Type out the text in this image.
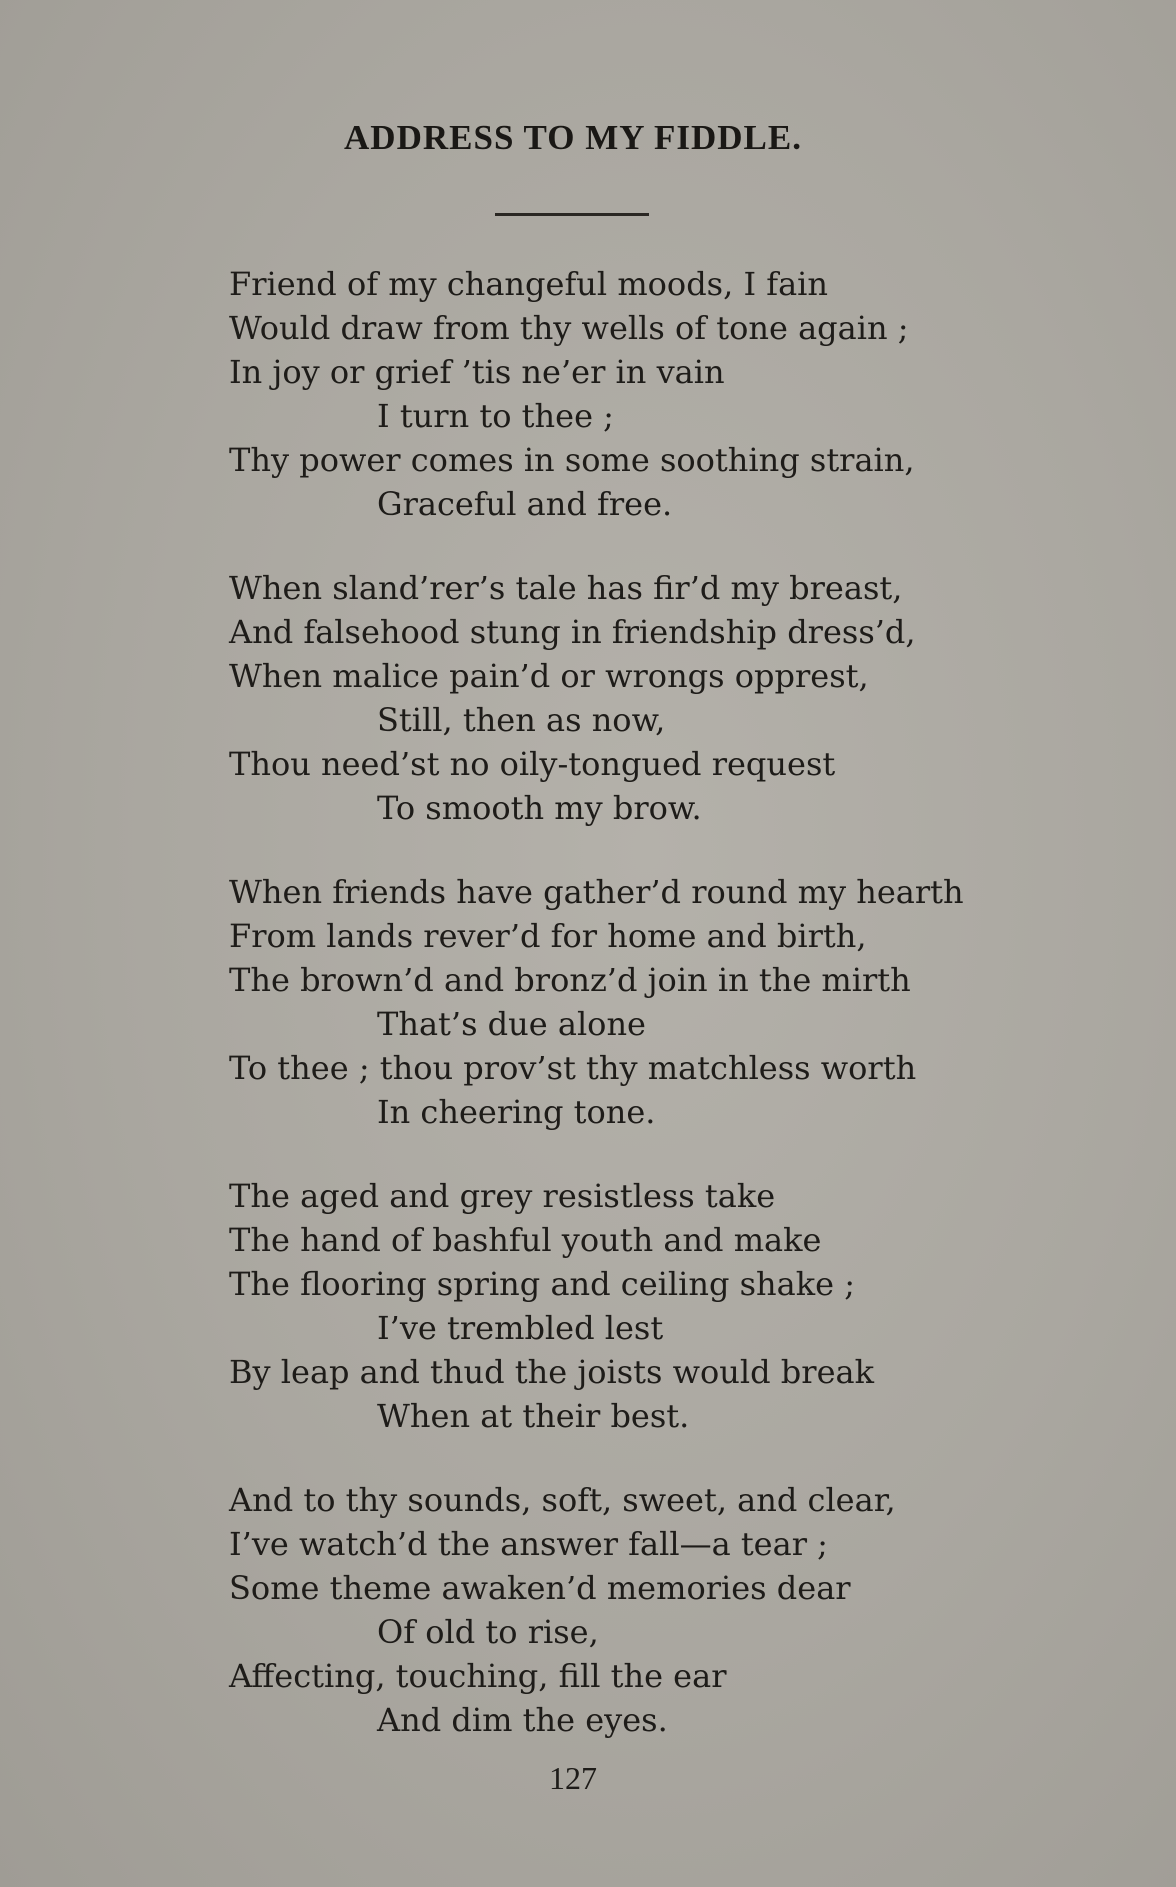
ADDRESS TO MY FIDDLE.
Friend of my changeful moods, I fain
Would draw from thy wells of tone again ;
In joy or grief ’tis ne’er in vain
I turn to thee ;
Thy power comes in some soothing strain,
Graceful and free.
When sland’rer’s tale has fir’d my breast,
And falsehood stung in friendship dress’d,
When malice pain’d or wrongs opprest,
Still, then as now,
Thou need’st no oily-tongued request
To smooth my brow.
When friends have gather’d round my hearth
From lands rever’d for home and birth,
The brown’d and bronz’d join in the mirth
That’s due alone
To thee ; thou prov’st thy matchless worth
In cheering tone.
The aged and grey resistless take
The hand of bashful youth and make
The flooring spring and ceiling shake ;
I’ve trembled lest
By leap and thud the joists would break
When at their best.
And to thy sounds, soft, sweet, and clear,
I’ve watch’d the answer fall—a tear ;
Some theme awaken’d memories dear
Of old to rise,
Affecting, touching, fill the ear
And dim the eyes.
127
